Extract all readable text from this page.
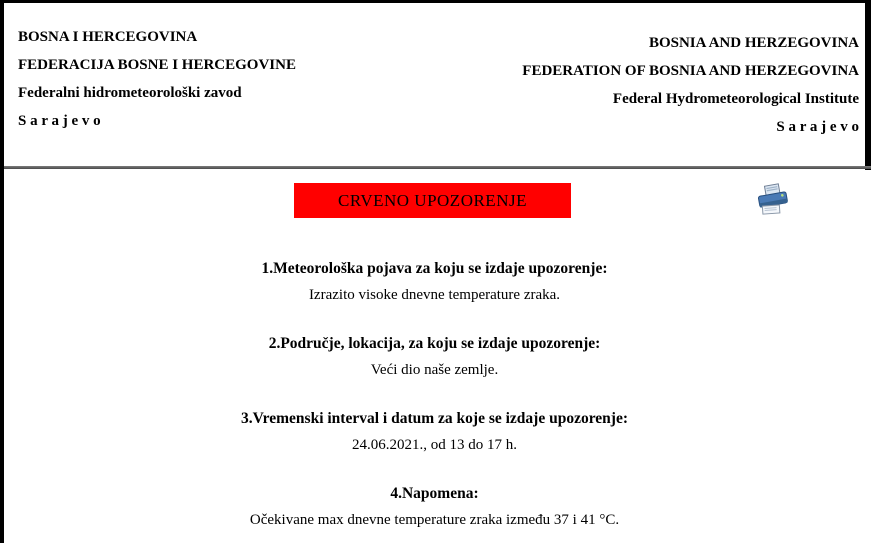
BOSNA I HERCEGOVINA

FEDERACIJA BOSNE I HERCEGOVINE

Federalni hidrometeorološki zavod

S a r a j e v o

BOSNIA AND HERZEGOVINA

FEDERATION OF BOSNIA AND HERZEGOVINA

Federal Hydrometeorological Institute

S a r a j e v o

CRVENO UPOZORENJE

1.Meteorološka pojava za koju se izdaje upozorenje:

Izrazito visoke dnevne temperature zraka.

2.Područje, lokacija, za koju se izdaje upozorenje:

Veći dio naše zemlje.

3.Vremenski interval i datum za koje se izdaje upozorenje:

24.06.2021., od 13 do 17 h.

4.Napomena:

Očekivane max dnevne temperature zraka između 37 i 41 °C.
